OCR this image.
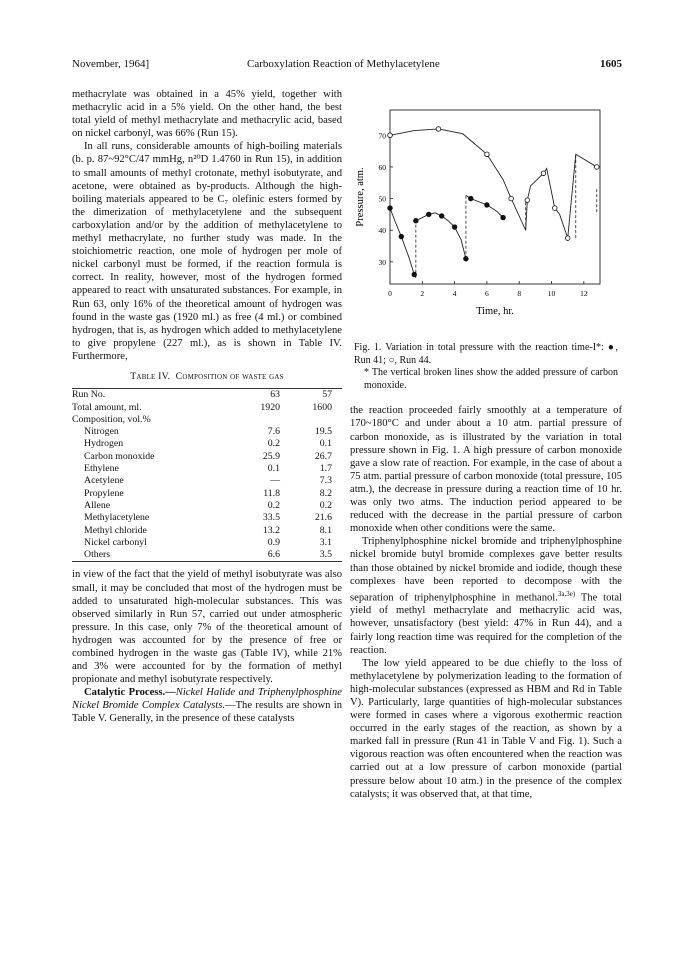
November, 1964]	Carboxylation Reaction of Methylacetylene	1605

methacrylate was obtained in a 45% yield, together with methacrylic acid in a 5% yield. On the other hand, the best total yield of methyl methacrylate and methacrylic acid, based on nickel carbonyl, was 66% (Run 15).

In all runs, considerable amounts of high-boiling materials (b. p. 87~92°C/47 mmHg, n²⁰D 1.4760 in Run 15), in addition to small amounts of methyl crotonate, methyl isobutyrate, and acetone, were obtained as by-products. Although the high-boiling materials appeared to be C₇ olefinic esters formed by the dimerization of methylacetylene and the subsequent carboxylation and/or by the addition of methylacetylene to methyl methacrylate, no further study was made. In the stoichiometric reaction, one mole of hydrogen per mole of nickel carbonyl must be formed, if the reaction formula is correct. In reality, however, most of the hydrogen formed appeared to react with unsaturated substances. For example, in Run 63, only 16% of the theoretical amount of hydrogen was found in the waste gas (1920 ml.) as free (4 ml.) or combined hydrogen, that is, as hydrogen which added to methylacetylene to give propylene (227 ml.), as is shown in Table IV. Furthermore,

Table IV. Composition of waste gas
Run No.	63	57
Total amount, ml.	1920	1600
Composition, vol.%		
Nitrogen	7.6	19.5
Hydrogen	0.2	0.1
Carbon monoxide	25.9	26.7
Ethylene	0.1	1.7
Acetylene	—	7.3
Propylene	11.8	8.2
Allene	0.2	0.2
Methylacetylene	33.5	21.6
Methyl chloride	13.2	8.1
Nickel carbonyl	0.9	3.1
Others	6.6	3.5

in view of the fact that the yield of methyl isobutyrate was also small, it may be concluded that most of the hydrogen must be added to unsaturated high-molecular substances. This was observed similarly in Run 57, carried out under atmospheric pressure. In this case, only 7% of the theoretical amount of hydrogen was accounted for by the presence of free or combined hydrogen in the waste gas (Table IV), while 21% and 3% were accounted for by the formation of methyl propionate and methyl isobutyrate respectively.

Catalytic Process.—Nickel Halide and Triphenylphosphine Nickel Bromide Complex Catalysts.—The results are shown in Table V. Generally, in the presence of these catalysts

0	2	4	6	8	10	12
30
40
50
60
70
Time, hr.
Pressure, atm.
Fig. 1. Variation in total pressure with the reaction time-I*: ●, Run 41; ○, Run 44.
* The vertical broken lines show the added pressure of carbon monoxide.

the reaction proceeded fairly smoothly at a temperature of 170~180°C and under about a 10 atm. partial pressure of carbon monoxide, as is illustrated by the variation in total pressure shown in Fig. 1. A high pressure of carbon monoxide gave a slow rate of reaction. For example, in the case of about a 75 atm. partial pressure of carbon monoxide (total pressure, 105 atm.), the decrease in pressure during a reaction time of 10 hr. was only two atms. The induction period appeared to be reduced with the decrease in the partial pressure of carbon monoxide when other conditions were the same.

Triphenylphosphine nickel bromide and triphenylphosphine nickel bromide butyl bromide complexes gave better results than those obtained by nickel bromide and iodide, though these complexes have been reported to decompose with the separation of triphenylphosphine in methanol.$^{3a,3e)}$ The total yield of methyl methacrylate and methacrylic acid was, however, unsatisfactory (best yield: 47% in Run 44), and a fairly long reaction time was required for the completion of the reaction.

The low yield appeared to be due chiefly to the loss of methylacetylene by polymerization leading to the formation of high-molecular substances (expressed as HBM and Rd in Table V). Particularly, large quantities of high-molecular substances were formed in cases where a vigorous exothermic reaction occurred in the early stages of the reaction, as shown by a marked fall in pressure (Run 41 in Table V and Fig. 1). Such a vigorous reaction was often encountered when the reaction was carried out at a low pressure of carbon monoxide (partial pressure below about 10 atm.) in the presence of the complex catalysts; it was observed that, at that time,
